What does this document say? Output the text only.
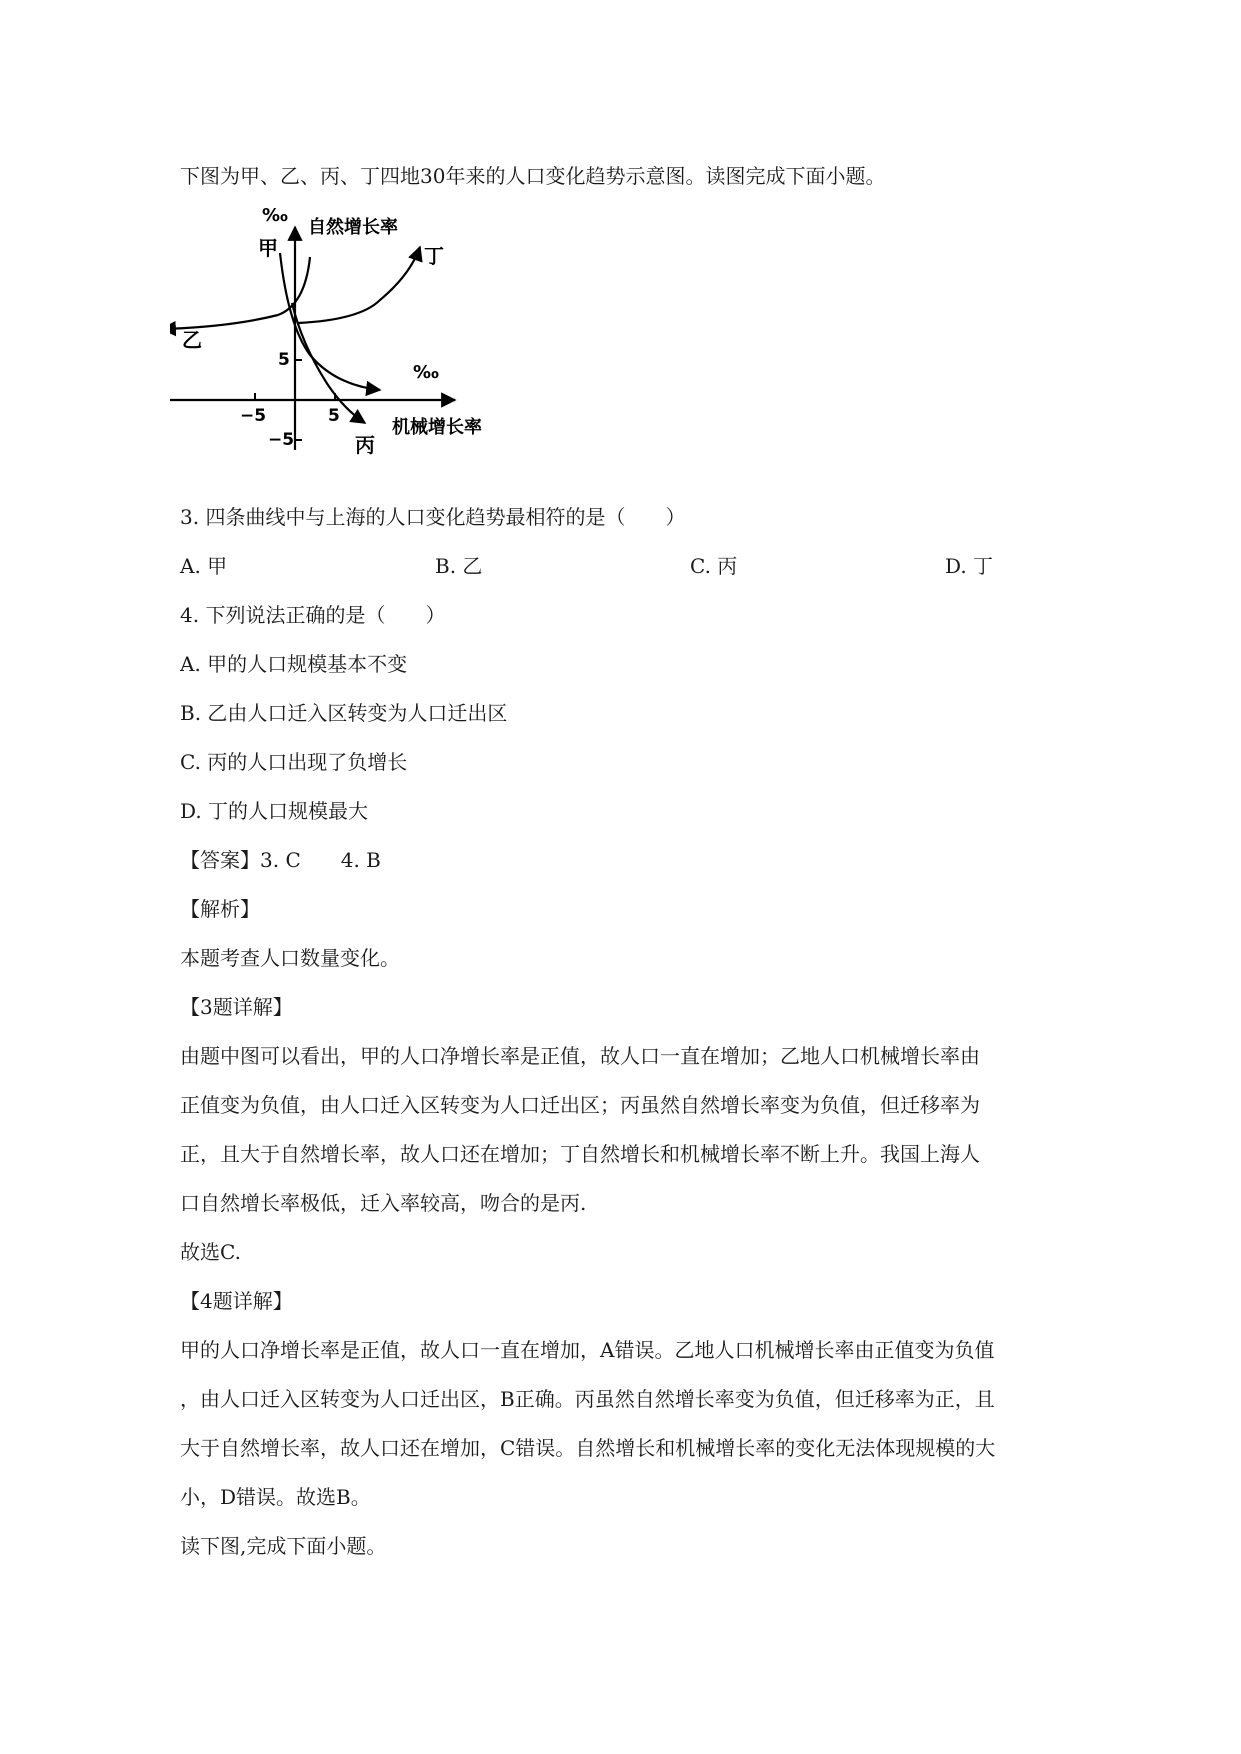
下图为甲、乙、丙、丁四地30年来的人口变化趋势示意图。读图完成下面小题。
‰
自然增长率
‰
机械增长率
−5	5
5
−5
甲
乙
丙
丁
3. 四条曲线中与上海的人口变化趋势最相符的是（　　）
A. 甲	B. 乙	C. 丙	D. 丁
4. 下列说法正确的是（　　）
A. 甲的人口规模基本不变
B. 乙由人口迁入区转变为人口迁出区
C. 丙的人口出现了负增长
D. 丁的人口规模最大
【答案】3. C　　4. B
【解析】
本题考查人口数量变化。
【3题详解】
由题中图可以看出，甲的人口净增长率是正值，故人口一直在增加；乙地人口机械增长率由
正值变为负值，由人口迁入区转变为人口迁出区；丙虽然自然增长率变为负值，但迁移率为
正，且大于自然增长率，故人口还在增加；丁自然增长和机械增长率不断上升。我国上海人
口自然增长率极低，迁入率较高，吻合的是丙.
故选C.
【4题详解】
甲的人口净增长率是正值，故人口一直在增加，A错误。乙地人口机械增长率由正值变为负值
，由人口迁入区转变为人口迁出区，B正确。丙虽然自然增长率变为负值，但迁移率为正，且
大于自然增长率，故人口还在增加，C错误。自然增长和机械增长率的变化无法体现规模的大
小，D错误。故选B。
读下图,完成下面小题。
